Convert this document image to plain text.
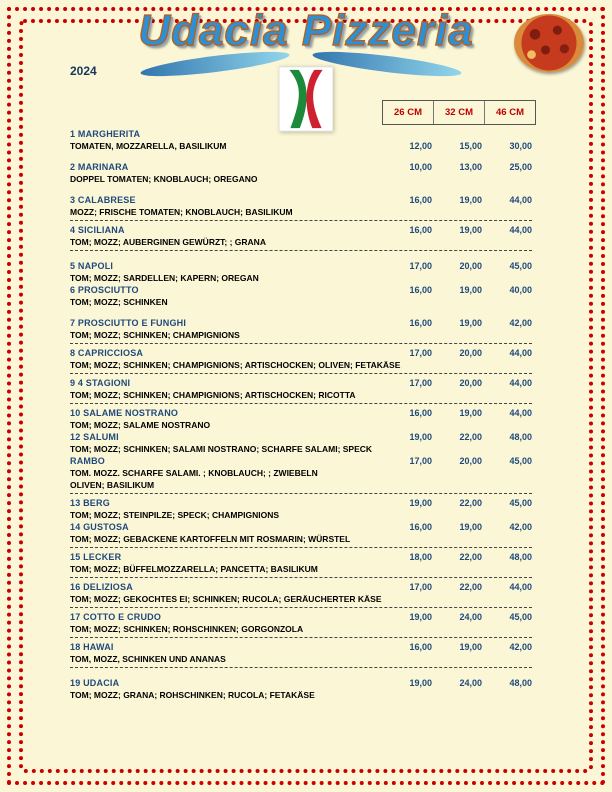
Udacia Pizzeria
2024
26 CM	32 CM	46 CM
1 MARGHERITA
TOMATEN, MOZZARELLA, BASILIKUM	12,00	15,00	30,00
2 MARINARA	10,00	13,00	25,00
DOPPEL TOMATEN; KNOBLAUCH; OREGANO
3 CALABRESE	16,00	19,00	44,00
MOZZ; FRISCHE TOMATEN; KNOBLAUCH; BASILIKUM
4 SICILIANA	16,00	19,00	44,00
TOM; MOZZ; AUBERGINEN GEWÜRZT; ; GRANA
5 NAPOLI	17,00	20,00	45,00
TOM; MOZZ; SARDELLEN; KAPERN; OREGAN
6 PROSCIUTTO	16,00	19,00	40,00
TOM; MOZZ; SCHINKEN
7 PROSCIUTTO E FUNGHI	16,00	19,00	42,00
TOM; MOZZ; SCHINKEN; CHAMPIGNIONS
8 CAPRICCIOSA	17,00	20,00	44,00
TOM; MOZZ; SCHINKEN; CHAMPIGNIONS; ARTISCHOCKEN; OLIVEN; FETAKÄSE
9 4 STAGIONI	17,00	20,00	44,00
TOM; MOZZ; SCHINKEN; CHAMPIGNIONS; ARTISCHOCKEN; RICOTTA
10 SALAME NOSTRANO	16,00	19,00	44,00
TOM; MOZZ; SALAME NOSTRANO
12 SALUMI	19,00	22,00	48,00
TOM; MOZZ; SCHINKEN; SALAMI NOSTRANO; SCHARFE SALAMI; SPECK
RAMBO	17,00	20,00	45,00
TOM. MOZZ. SCHARFE SALAMI. ; KNOBLAUCH; ; ZWIEBELN
OLIVEN; BASILIKUM
13 BERG	19,00	22,00	45,00
TOM; MOZZ; STEINPILZE; SPECK; CHAMPIGNIONS
14 GUSTOSA	16,00	19,00	42,00
TOM; MOZZ; GEBACKENE KARTOFFELN MIT ROSMARIN; WÜRSTEL
15 LECKER	18,00	22,00	48,00
TOM; MOZZ; BÜFFELMOZZARELLA; PANCETTA; BASILIKUM
16 DELIZIOSA	17,00	22,00	44,00
TOM; MOZZ; GEKOCHTES EI; SCHINKEN; RUCOLA; GERÄUCHERTER KÄSE
17 COTTO E CRUDO	19,00	24,00	45,00
TOM; MOZZ; SCHINKEN; ROHSCHINKEN; GORGONZOLA
18 HAWAI	16,00	19,00	42,00
TOM, MOZZ, SCHINKEN UND ANANAS
19 UDACIA	19,00	24,00	48,00
TOM; MOZZ; GRANA; ROHSCHINKEN; RUCOLA; FETAKÄSE
